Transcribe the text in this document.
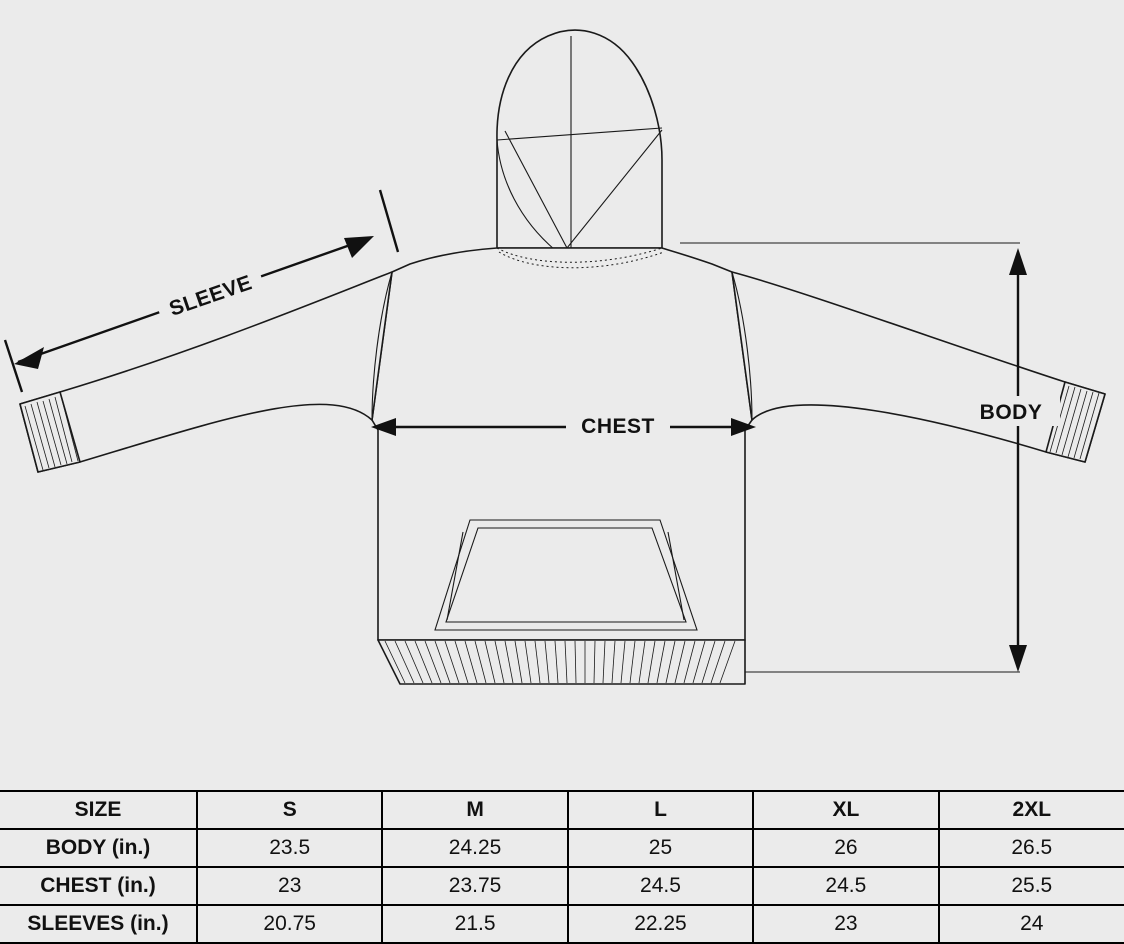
SLEEVE
CHEST
BODY
SIZE	S	M	L	XL	2XL
BODY (in.)	23.5	24.25	25	26	26.5
CHEST (in.)	23	23.75	24.5	24.5	25.5
SLEEVES (in.)	20.75	21.5	22.25	23	24
